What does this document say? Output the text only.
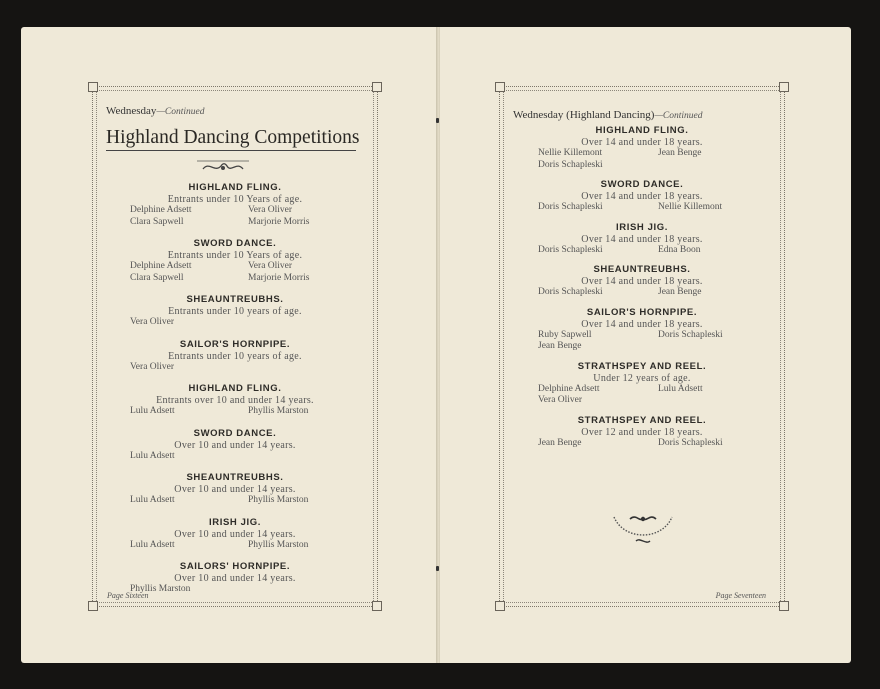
Wednesday—Continued
Highland Dancing Competitions
HIGHLAND FLING.
Entrants under 10 Years of age.
Delphine Adsett	Vera Oliver
Clara Sapwell	Marjorie Morris
SWORD DANCE.
Entrants under 10 Years of age.
Delphine Adsett	Vera Oliver
Clara Sapwell	Marjorie Morris
SHEAUNTREUBHS.
Entrants under 10 years of age.
Vera Oliver
SAILOR'S HORNPIPE.
Entrants under 10 years of age.
Vera Oliver
HIGHLAND FLING.
Entrants over 10 and under 14 years.
Lulu Adsett	Phyllis Marston
SWORD DANCE.
Over 10 and under 14 years.
Lulu Adsett
SHEAUNTREUBHS.
Over 10 and under 14 years.
Lulu Adsett	Phyllis Marston
IRISH JIG.
Over 10 and under 14 years.
Lulu Adsett	Phyllis Marston
SAILORS' HORNPIPE.
Over 10 and under 14 years.
Phyllis Marston
Page Sixteen
Wednesday (Highland Dancing)—Continued
HIGHLAND FLING.
Over 14 and under 18 years.
Nellie Killemont	Jean Benge
Doris Schapleski
SWORD DANCE.
Over 14 and under 18 years.
Doris Schapleski	Nellie Killemont
IRISH JIG.
Over 14 and under 18 years.
Doris Schapleski	Edna Boon
SHEAUNTREUBHS.
Over 14 and under 18 years.
Doris Schapleski	Jean Benge
SAILOR'S HORNPIPE.
Over 14 and under 18 years.
Ruby Sapwell	Doris Schapleski
Jean Benge
STRATHSPEY AND REEL.
Under 12 years of age.
Delphine Adsett	Lulu Adsett
Vera Oliver
STRATHSPEY AND REEL.
Over 12 and under 18 years.
Jean Benge	Doris Schapleski
Page Seventeen
